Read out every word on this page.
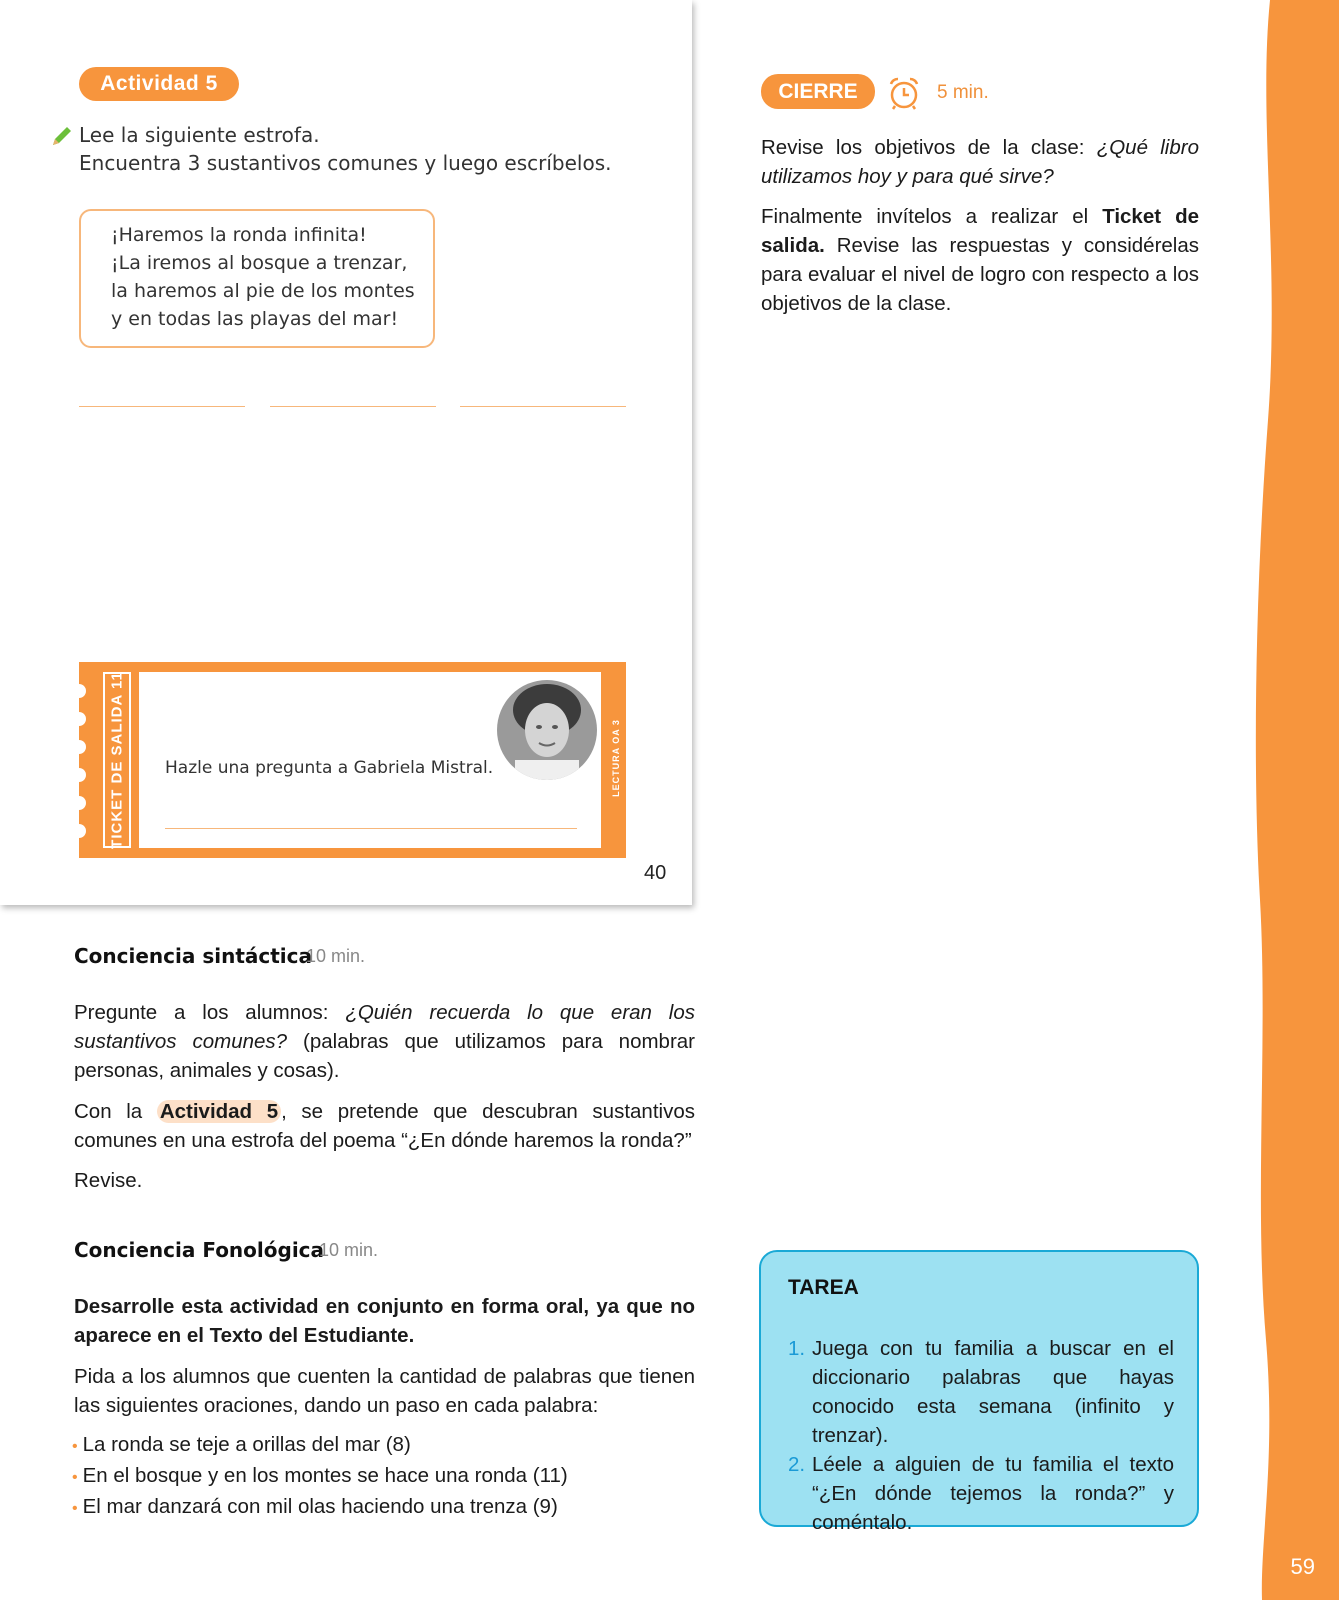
59
Actividad 5
Lee la siguiente estrofa.
Encuentra 3 sustantivos comunes y luego escríbelos.
¡Haremos la ronda infinita!
¡La iremos al bosque a trenzar,
la haremos al pie de los montes
y en todas las playas del mar!
TICKET DE SALIDA 11 Hazle una pregunta a Gabriela Mistral.	LECTURA OA 3
40
CIERRE	5 min.
Revise los objetivos de la clase: ¿Qué libro utilizamos hoy y para qué sirve?
Finalmente invítelos a realizar el Ticket de salida. Revise las respuestas y considérelas para evaluar el nivel de logro con respecto a los objetivos de la clase.
Conciencia sintáctica
10 min.
Pregunte a los alumnos: ¿Quién recuerda lo que eran los sustantivos comunes? (palabras que utilizamos para nombrar personas, animales y cosas).
Con la Actividad 5 , se pretende que descubran sustantivos comunes en una estrofa del poema “¿En dónde haremos la ronda?”
Revise.
Conciencia Fonológica
10 min.
Desarrolle esta actividad en conjunto en forma oral, ya que no aparece en el Texto del Estudiante.
Pida a los alumnos que cuenten la cantidad de palabras que tienen las siguientes oraciones, dando un paso en cada palabra:
• La ronda se teje a orillas del mar (8)
• En el bosque y en los montes se hace una ronda (11)
• El mar danzará con mil olas haciendo una trenza (9)
TAREA
1. Juega con tu familia a buscar en el diccionario palabras que hayas conocido esta semana (infinito y trenzar).
2. Léele a alguien de tu familia el texto “¿En dónde tejemos la ronda?” y coméntalo.
